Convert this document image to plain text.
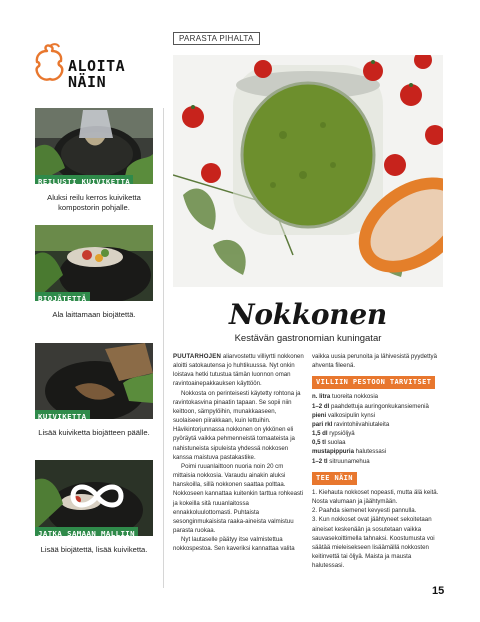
PARASTA PIHALTA
ALOITA
NÄIN
REILUSTI KUIVIKETTA
Aluksi reilu kerros kuiviketta kompostorin pohjalle.
BIOJÄTETTÄ
Ala laittamaan biojätettä.
KUIVIKETTA
Lisää kuiviketta biojätteen päälle.
JATKA SAMAAN MALLIIN
Lisää biojätettä, lisää kuiviketta.
Nokkonen
Kestävän gastronomian kuningatar

PUUTARHOJEN aliarvostettu villiyrtti nokkonen aloitti satokautensa jo huhtikuussa. Nyt onkin loistava hetki tutustua tämän luonnon oman ravintoainepakkauksen käyttöön.

Nokkosta on perinteisesti käytetty rohtona ja ravintokasvina pinaatin tapaan. Se sopii niin keittoon, sämpylöihin, munakkaaseen, suolaiseen piirakkaan, kuin lettuihin. Hävikintorjunnassa nokkonen on ykkönen eli pyöräytä vaikka pehmenneistä tomaateista ja nahistuneista sipuleista yhdessä nokkosen kanssa maistuva pastakastike.

Poimi ruuanlaittoon nuoria noin 20 cm mittaisia nokkosia. Varaudu ainakin aluksi hanskoilla, sillä nokkonen saattaa polttaa. Nokkoseen kannattaa kuitenkin tarttua rohkeasti ja kokeilla sitä ruuanlaitossa ennakkoluulottomasti. Puhtaista sesonginmukaisista raaka-aineista valmistuu parasta ruokaa.

Nyt lautaselle päätyy itse valmistettua nokkospestoa. Sen kaveriksi kannattaa valita

vaikka uusia perunoita ja lähivesistä pyydettyä ahventa fileenä.

VILLIIN PESTOON TARVITSET

n. litra tuoreita nokkosia

1–2 dl paahdettuja auringonkukansiemeniä

pieni valkosipulin kynsi

pari rkl ravintohiivahiutaleita

1,5 dl rypsiöljyä

0,5 tl suolaa

mustapippuria halutessasi

1–2 tl sitruunamehua

TEE NÄIN

1. Kiehauta nokkoset nopeasti, mutta älä keitä. Nosta valumaan ja jäähtymään.

2. Paahda siemenet kevyesti pannulla.

3. Kun nokkoset ovat jäähtyneet sekoitetaan aineiset keskenään ja sosutetaan vaikka sauvasekoittimella tahnaksi. Koostumusta voi säätää mieleisekseen lisäämällä nokkosten keitinvettä tai öljyä. Maista ja mausta halutessasi.

15
